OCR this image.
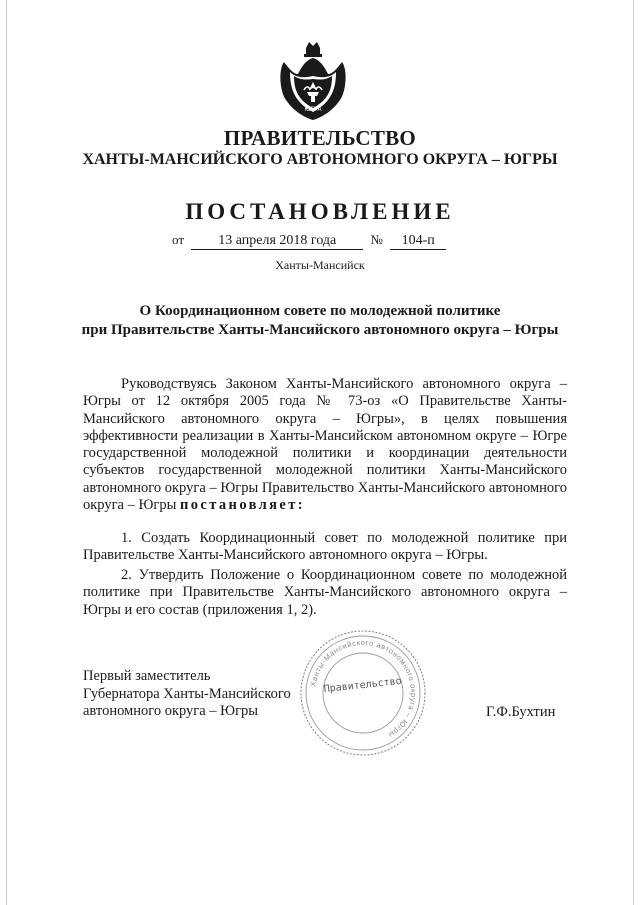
ЮГРА
ПРАВИТЕЛЬСТВО
ХАНТЫ-МАНСИЙСКОГО АВТОНОМНОГО ОКРУГА – ЮГРЫ
ПОСТАНОВЛЕНИЕ
от 13 апреля 2018 года	№ 104-п
Ханты-Мансийск
О Координационном совете по молодежной политике
при Правительстве Ханты-Мансийского автономного округа – Югры

Руководствуясь Законом Ханты-Мансийского автономного округа – Югры от 12 октября 2005 года № 73-оз «О Правительстве Ханты-Мансийского автономного округа – Югры», в целях повышения эффективности реализации в Ханты-Мансийском автономном округе – Югре государственной молодежной политики и координации деятельности субъектов государственной молодежной политики Ханты-Мансийского автономного округа – Югры Правительство Ханты-Мансийского автономного округа – Югры постановляет:

1. Создать Координационный совет по молодежной политике при Правительстве Ханты-Мансийского автономного округа – Югры.

2. Утвердить Положение о Координационном совете по молодежной политике при Правительстве Ханты-Мансийского автономного округа – Югры и его состав (приложения 1, 2).

Первый заместитель
Губернатора Ханты-Мансийского
автономного округа – Югры
Ханты-Мансийского автономного округа – Югры
Правительство
Г.Ф.Бухтин
